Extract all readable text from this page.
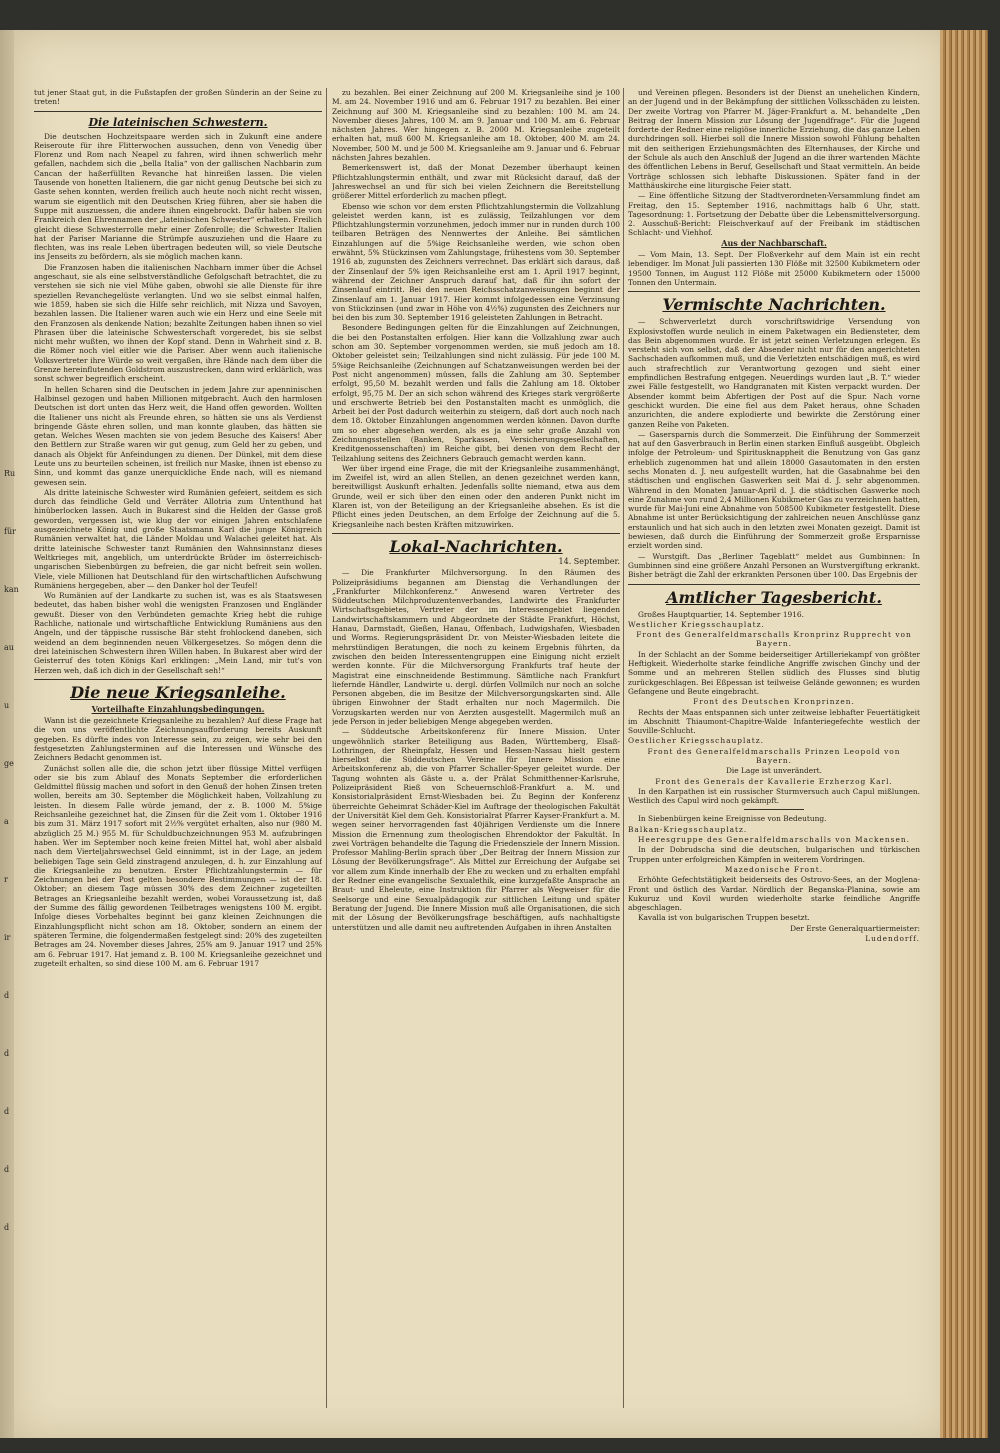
Ru
für
kan
au
u
ge
a
r
ir
d
d
d
d
d

tut jener Staat gut, in die Fußstapfen der großen Sünderin an der Seine zu treten!

Die lateinischen Schwestern.

Die deutschen Hochzeitspaare werden sich in Zukunft eine andere Reiseroute für ihre Flitterwochen aussuchen, denn von Venedig über Florenz und Rom nach Neapel zu fahren, wird ihnen schwerlich mehr gefallen, nachdem sich die „bella Italia“ von der gallischen Nachbarin zum Cancan der haßerfüllten Revanche hat hinreißen lassen. Die vielen Tausende von honetten Italienern, die gar nicht genug Deutsche bei sich zu Gaste sehen konnten, werden freilich auch heute noch nicht recht wissen, warum sie eigentlich mit den Deutschen Krieg führen, aber sie haben die Suppe mit auszuessen, die andere ihnen eingebrockt. Dafür haben sie von Frankreich den Ehrennamen der „lateinischen Schwester“ erhalten. Freilich gleicht diese Schwesterrolle mehr einer Zofenrolle; die Schwester Italien hat der Pariser Marianne die Strümpfe auszuziehen und die Haare zu flechten, was ins reale Leben übertragen bedeuten will, so viele Deutsche ins Jenseits zu befördern, als sie möglich machen kann.

Die Franzosen haben die italienischen Nachbarn immer über die Achsel angeschaut, sie als eine selbstverständliche Gefolgschaft betrachtet, die zu verstehen sie sich nie viel Mühe gaben, obwohl sie alle Dienste für ihre speziellen Revanchegelüste verlangten. Und wo sie selbst einmal halfen, wie 1859, haben sie sich die Hilfe sehr reichlich, mit Nizza und Savoyen, bezahlen lassen. Die Italiener waren auch wie ein Herz und eine Seele mit den Franzosen als denkende Nation; bezahlte Zeitungen haben ihnen so viel Phrasen über die lateinische Schwesterschaft vorgeredet, bis sie selbst nicht mehr wußten, wo ihnen der Kopf stand. Denn in Wahrheit sind z. B. die Römer noch viel eitler wie die Pariser. Aber wenn auch italienische Volksvertreter ihre Würde so weit vergaßen, ihre Hände nach dem über die Grenze hereinflutenden Goldstrom auszustrecken, dann wird erklärlich, was sonst schwer begreiflich erscheint.

In hellen Scharen sind die Deutschen in jedem Jahre zur apenninischen Halbinsel gezogen und haben Millionen mitgebracht. Auch den harmlosen Deutschen ist dort unten das Herz weit, die Hand offen geworden. Wollten die Italiener uns nicht als Freunde ehren, so hätten sie uns als Verdienst bringende Gäste ehren sollen, und man konnte glauben, das hätten sie getan. Welches Wesen machten sie von jedem Besuche des Kaisers! Aber den Bettlern zur Straße waren wir gut genug, zum Geld her zu geben, und danach als Objekt für Anfeindungen zu dienen. Der Dünkel, mit dem diese Leute uns zu beurteilen scheinen, ist freilich nur Maske, ihnen ist ebenso zu Sinn, und kommt das ganze unerquickliche Ende nach, will es niemand gewesen sein.

Als dritte lateinische Schwester wird Rumänien gefeiert, seitdem es sich durch das feindliche Geld und Verräter Allotria zum Untenthund hat hinüberlocken lassen. Auch in Bukarest sind die Helden der Gasse groß geworden, vergessen ist, wie klug der vor einigen Jahren entschlafene ausgezeichnete König und große Staatsmann Karl die junge Königreich Rumänien verwaltet hat, die Länder Moldau und Walachei geleitet hat. Als dritte lateinische Schwester tanzt Rumänien den Wahnsinnstanz dieses Weltkrieges mit, angeblich, um unterdrückte Brüder im österreichisch-ungarischen Siebenbürgen zu befreien, die gar nicht befreit sein wollen. Viele, viele Millionen hat Deutschland für den wirtschaftlichen Aufschwung Rumäniens hergegeben, aber — den Danker hol der Teufel!

Wo Rumänien auf der Landkarte zu suchen ist, was es als Staatswesen bedeutet, das haben bisher wohl die wenigsten Franzosen und Engländer gewußt. Dieser von den Verbündeten gemachte Krieg hebt die ruhige Rachliche, nationale und wirtschaftliche Entwicklung Rumäniens aus den Angeln, und der täppische russische Bär steht frohlockend daneben, sich weidend an dem beginnenden neuen Völkergesetzes. So mögen denn die drei lateinischen Schwestern ihren Willen haben. In Bukarest aber wird der Geisterruf des toten Königs Karl erklingen: „Mein Land, mir tut's von Herzen weh, daß ich dich in der Gesellschaft seh!“

Die neue Kriegsanleihe.
Vorteilhafte Einzahlungsbedingungen.

Wann ist die gezeichnete Kriegsanleihe zu bezahlen? Auf diese Frage hat die von uns veröffentlichte Zeichnungsaufforderung bereits Auskunft gegeben. Es dürfte indes von Interesse sein, zu zeigen, wie sehr bei den festgesetzten Zahlungsterminen auf die Interessen und Wünsche des Zeichners Bedacht genommen ist.

Zunächst sollen alle die, die schon jetzt über flüssige Mittel verfügen oder sie bis zum Ablauf des Monats September die erforderlichen Geldmittel flüssig machen und sofort in den Genuß der hohen Zinsen treten wollen, bereits am 30. September die Möglichkeit haben, Vollzahlung zu leisten. In diesem Falle würde jemand, der z. B. 1000 M. 5%ige Reichsanleihe gezeichnet hat, die Zinsen für die Zeit vom 1. Oktober 1916 bis zum 31. März 1917 sofort mit 2½% vergütet erhalten, also nur (980 M. abzüglich 25 M.) 955 M. für Schuldbuchzeichnungen 953 M. aufzubringen haben. Wer im September noch keine freien Mittel hat, wohl aber alsbald nach dem Vierteljahrswechsel Geld einnimmt, ist in der Lage, an jedem beliebigen Tage sein Geld zinstragend anzulegen, d. h. zur Einzahlung auf die Kriegsanleihe zu benutzen. Erster Pflichtzahlungstermin — für Zeichnungen bei der Post gelten besondere Bestimmungen — ist der 18. Oktober; an diesem Tage müssen 30% des dem Zeichner zugeteilten Betrages an Kriegsanleihe bezahlt werden, wobei Voraussetzung ist, daß der Summe des fällig gewordenen Teilbetrages wenigstens 100 M. ergibt. Infolge dieses Vorbehaltes beginnt bei ganz kleinen Zeichnungen die Einzahlungspflicht nicht schon am 18. Oktober, sondern an einem der späteren Termine, die folgendermaßen festgelegt sind: 20% des zugeteilten Betrages am 24. November dieses Jahres, 25% am 9. Januar 1917 und 25% am 6. Februar 1917. Hat jemand z. B. 100 M. Kriegsanleihe gezeichnet und zugeteilt erhalten, so sind diese 100 M. am 6. Februar 1917

zu bezahlen. Bei einer Zeichnung auf 200 M. Kriegsanleihe sind je 100 M. am 24. November 1916 und am 6. Februar 1917 zu bezahlen. Bei einer Zeichnung auf 300 M. Kriegsanleihe sind zu bezahlen: 100 M. am 24. November dieses Jahres, 100 M. am 9. Januar und 100 M. am 6. Februar nächsten Jahres. Wer hingegen z. B. 2000 M. Kriegsanleihe zugeteilt erhalten hat, muß 600 M. Kriegsanleihe am 18. Oktober, 400 M. am 24. November, 500 M. und je 500 M. Kriegsanleihe am 9. Januar und 6. Februar nächsten Jahres bezahlen.

Bemerkenswert ist, daß der Monat Dezember überhaupt keinen Pflichtzahlungstermin enthält, und zwar mit Rücksicht darauf, daß der Jahreswechsel an und für sich bei vielen Zeichnern die Bereitstellung größerer Mittel erforderlich zu machen pflegt.

Ebenso wie schon vor dem ersten Pflichtzahlungstermin die Vollzahlung geleistet werden kann, ist es zulässig, Teilzahlungen vor dem Pflichtzahlungstermin vorzunehmen, jedoch immer nur in runden durch 100 teilbaren Beträgen des Nennwertes der Anleihe. Bei sämtlichen Einzahlungen auf die 5%ige Reichsanleihe werden, wie schon oben erwähnt, 5% Stückzinsen vom Zahlungstage, frühestens vom 30. September 1916 ab, zugunsten des Zeichners verrechnet. Das erklärt sich daraus, daß der Zinsenlauf der 5% igen Reichsanleihe erst am 1. April 1917 beginnt, während der Zeichner Anspruch darauf hat, daß für ihn sofort der Zinsenlauf eintritt. Bei den neuen Reichsschatzanweisungen beginnt der Zinsenlauf am 1. Januar 1917. Hier kommt infolgedessen eine Verzinsung von Stückzinsen (und zwar in Höhe von 4½%) zugunsten des Zeichners nur bei den bis zum 30. September 1916 geleisteten Zahlungen in Betracht.

Besondere Bedingungen gelten für die Einzahlungen auf Zeichnungen, die bei den Postanstalten erfolgen. Hier kann die Vollzahlung zwar auch schon am 30. September vorgenommen werden, sie muß jedoch am 18. Oktober geleistet sein; Teilzahlungen sind nicht zulässig. Für jede 100 M. 5%ige Reichsanleihe (Zeichnungen auf Schatzanweisungen werden bei der Post nicht angenommen) müssen, falls die Zahlung am 30. September erfolgt, 95,50 M. bezahlt werden und falls die Zahlung am 18. Oktober erfolgt, 95,75 M. Der an sich schon während des Krieges stark vergrößerte und erschwerte Betrieb bei den Postanstalten macht es unmöglich, die Arbeit bei der Post dadurch weiterhin zu steigern, daß dort auch noch nach dem 18. Oktober Einzahlungen angenommen werden können. Davon durfte um so eher abgesehen werden, als es ja eine sehr große Anzahl von Zeichnungsstellen (Banken, Sparkassen, Versicherungsgesellschaften, Kreditgenossenschaften) im Reiche gibt, bei denen von dem Recht der Teilzahlung seitens des Zeichners Gebrauch gemacht werden kann.

Wer über irgend eine Frage, die mit der Kriegsanleihe zusammenhängt, im Zweifel ist, wird an allen Stellen, an denen gezeichnet werden kann, bereitwilligst Auskunft erhalten. Jedenfalls sollte niemand, etwa aus dem Grunde, weil er sich über den einen oder den anderen Punkt nicht im Klaren ist, von der Beteiligung an der Kriegsanleihe absehen. Es ist die Pflicht eines jeden Deutschen, an dem Erfolge der Zeichnung auf die 5. Kriegsanleihe nach besten Kräften mitzuwirken.

Lokal-Nachrichten.
14. September.

— Die Frankfurter Milchversorgung. In den Räumen des Polizeipräsidiums begannen am Dienstag die Verhandlungen der „Frankfurter Milchkonferenz.“ Anwesend waren Vertreter des Süddeutschen Milchproduzentenverbandes, Landwirte des Frankfurter Wirtschaftsgebietes, Vertreter der im Interessengebiet liegenden Landwirtschaftskammern und Abgeordnete der Städte Frankfurt, Höchst, Hanau, Darmstadt, Gießen, Hanau, Offenbach, Ludwigshafen, Wiesbaden und Worms. Regierungspräsident Dr. von Meister-Wiesbaden leitete die mehrstündigen Beratungen, die noch zu keinem Ergebnis führten, da zwischen den beiden Interessentengruppen eine Einigung nicht erzielt werden konnte. Für die Milchversorgung Frankfurts traf heute der Magistrat eine einschneidende Bestimmung. Sämtliche nach Frankfurt liefernde Händler, Landwirte u. dergl. dürfen Vollmilch nur noch an solche Personen abgeben, die im Besitze der Milchversorgungskarten sind. Alle übrigen Einwohner der Stadt erhalten nur noch Magermilch. Die Vorzugskarten werden nur von Aerzten ausgestellt. Magermilch muß an jede Person in jeder beliebigen Menge abgegeben werden.

— Süddeutsche Arbeitskonferenz für Innere Mission. Unter ungewöhnlich starker Beteiligung aus Baden, Württemberg, Elsaß-Lothringen, der Rheinpfalz, Hessen und Hessen-Nassau hielt gestern hierselbst die Süddeutschen Vereine für Innere Mission eine Arbeitskonferenz ab, die von Pfarrer Schaller-Speyer geleitet wurde. Der Tagung wohnten als Gäste u. a. der Prälat Schmitthenner-Karlsruhe, Polizeipräsident Rieß von Scheuernschloß-Frankfurt a. M. und Konsistorialpräsident Ernst-Wiesbaden bei. Zu Beginn der Konferenz überreichte Geheimrat Schäder-Kiel im Auftrage der theologischen Fakultät der Universität Kiel dem Geh. Konsistorialrat Pfarrer Kayser-Frankfurt a. M. wegen seiner hervorragenden fast 40jährigen Verdienste um die Innere Mission die Ernennung zum theologischen Ehrendoktor der Fakultät. In zwei Vorträgen behandelte die Tagung die Friedensziele der Innern Mission. Professor Mahling-Berlin sprach über „Der Beitrag der Innern Mission zur Lösung der Bevölkerungsfrage“. Als Mittel zur Erreichung der Aufgabe sei vor allem zum Kinde innerhalb der Ehe zu wecken und zu erhalten empfahl der Redner eine evangelische Sexualethik, eine kurzgefaßte Ansprache an Braut- und Eheleute, eine Instruktion für Pfarrer als Wegweiser für die Seelsorge und eine Sexualpädagogik zur sittlichen Leitung und später Beratung der Jugend. Die Innere Mission muß alle Organisationen, die sich mit der Lösung der Bevölkerungsfrage beschäftigen, aufs nachhaltigste unterstützen und alle damit neu auftretenden Aufgaben in ihren Anstalten

und Vereinen pflegen. Besonders ist der Dienst an unehelichen Kindern, an der Jugend und in der Bekämpfung der sittlichen Volksschäden zu leisten. Der zweite Vortrag von Pfarrer M. Jäger-Frankfurt a. M. behandelte „Den Beitrag der Innern Mission zur Lösung der Jugendfrage“. Für die Jugend forderte der Redner eine religiöse innerliche Erziehung, die das ganze Leben durchdringen soll. Hierbei soll die Innere Mission sowohl Fühlung behalten mit den seitherigen Erziehungsmächten des Elternhauses, der Kirche und der Schule als auch den Anschluß der Jugend an die ihrer wartenden Mächte des öffentlichen Lebens in Beruf, Gesellschaft und Staat vermitteln. An beide Vorträge schlossen sich lebhafte Diskussionen. Später fand in der Matthäuskirche eine liturgische Feier statt.

— Eine öffentliche Sitzung der Stadtverordneten-Versammlung findet am Freitag, den 15. September 1916, nachmittags halb 6 Uhr, statt. Tagesordnung: 1. Fortsetzung der Debatte über die Lebensmittelversorgung. 2. Ausschuß-Bericht: Fleischverkauf auf der Freibank im städtischen Schlacht- und Viehhof.

Aus der Nachbarschaft.

— Vom Main, 13. Sept. Der Floßverkehr auf dem Main ist ein recht lebendiger. Im Monat Juli passierten 130 Flöße mit 32500 Kubikmetern oder 19500 Tonnen, im August 112 Flöße mit 25000 Kubikmetern oder 15000 Tonnen den Untermain.

Vermischte Nachrichten.

— Schwerverletzt durch vorschriftswidrige Versendung von Explosivstoffen wurde neulich in einem Paketwagen ein Bediensteter, dem das Bein abgenommen wurde. Er ist jetzt seinen Verletzungen erlegen. Es versteht sich von selbst, daß der Absender nicht nur für den angerichteten Sachschaden aufkommen muß, und die Verletzten entschädigen muß, es wird auch strafrechtlich zur Verantwortung gezogen und sieht einer empfindlichen Bestrafung entgegen. Neuerdings wurden laut „B. T.“ wieder zwei Fälle festgestellt, wo Handgranaten mit Kisten verpackt wurden. Der Absender kommt beim Abfertigen der Post auf die Spur. Nach vorne geschickt wurden. Die eine fiel aus dem Paket heraus, ohne Schaden anzurichten, die andere explodierte und bewirkte die Zerstörung einer ganzen Reihe von Paketen.

— Gasersparnis durch die Sommerzeit. Die Einführung der Sommerzeit hat auf den Gasverbrauch in Berlin einen starken Einfluß ausgeübt. Obgleich infolge der Petroleum- und Spiritusknappheit die Benutzung von Gas ganz erheblich zugenommen hat und allein 18000 Gasautomaten in den ersten sechs Monaten d. J. neu aufgestellt wurden, hat die Gasabnahme bei den städtischen und englischen Gaswerken seit Mai d. J. sehr abgenommen. Während in den Monaten Januar-April d. J. die städtischen Gaswerke noch eine Zunahme von rund 2,4 Millionen Kubikmeter Gas zu verzeichnen hatten, wurde für Mai-Juni eine Abnahme von 508500 Kubikmeter festgestellt. Diese Abnahme ist unter Berücksichtigung der zahlreichen neuen Anschlüsse ganz erstaunlich und hat sich auch in den letzten zwei Monaten gezeigt. Damit ist bewiesen, daß durch die Einführung der Sommerzeit große Ersparnisse erzielt worden sind.

— Wurstgift. Das „Berliner Tageblatt“ meldet aus Gumbinnen: In Gumbinnen sind eine größere Anzahl Personen an Wurstvergiftung erkrankt. Bisher beträgt die Zahl der erkrankten Personen über 100. Das Ergebnis der

Amtlicher Tagesbericht.

Großes Hauptquartier, 14. September 1916.

Westlicher Kriegsschauplatz.

Front des Generalfeldmarschalls Kronprinz Rupprecht von Bayern.

In der Schlacht an der Somme beiderseitiger Artilleriekampf von größter Heftigkeit. Wiederholte starke feindliche Angriffe zwischen Ginchy und der Somme und an mehreren Stellen südlich des Flusses sind blutig zurückgeschlagen. Bei Eßpessan ist teilweise Gelände gewonnen; es wurden Gefangene und Beute eingebracht.

Front des Deutschen Kronprinzen.

Rechts der Maas entspannen sich unter zeitweise lebhafter Feuertätigkeit im Abschnitt Thiaumont-Chapitre-Walde Infanteriegefechte westlich der Souville-Schlucht.

Oestlicher Kriegsschauplatz.

Front des Generalfeldmarschalls Prinzen Leopold von Bayern.

Die Lage ist unverändert.

Front des Generals der Kavallerie Erzherzog Karl.

In den Karpathen ist ein russischer Sturmversuch auch Capul mißlungen. Westlich des Capul wird noch gekämpft.

In Siebenbürgen keine Ereignisse von Bedeutung.

Balkan-Kriegsschauplatz.

Heeresgruppe des Generalfeldmarschalls von Mackensen.

In der Dobrudscha sind die deutschen, bulgarischen und türkischen Truppen unter erfolgreichen Kämpfen in weiterem Vordringen.

Mazedonische Front.

Erhöhte Gefechtstätigkeit beiderseits des Ostrovo-Sees, an der Moglena-Front und östlich des Vardar. Nördlich der Beganska-Planina, sowie am Kukuruz und Kovil wurden wiederholte starke feindliche Angriffe abgeschlagen.

Kavalla ist von bulgarischen Truppen besetzt.

Der Erste Generalquartiermeister:

Ludendorff.
